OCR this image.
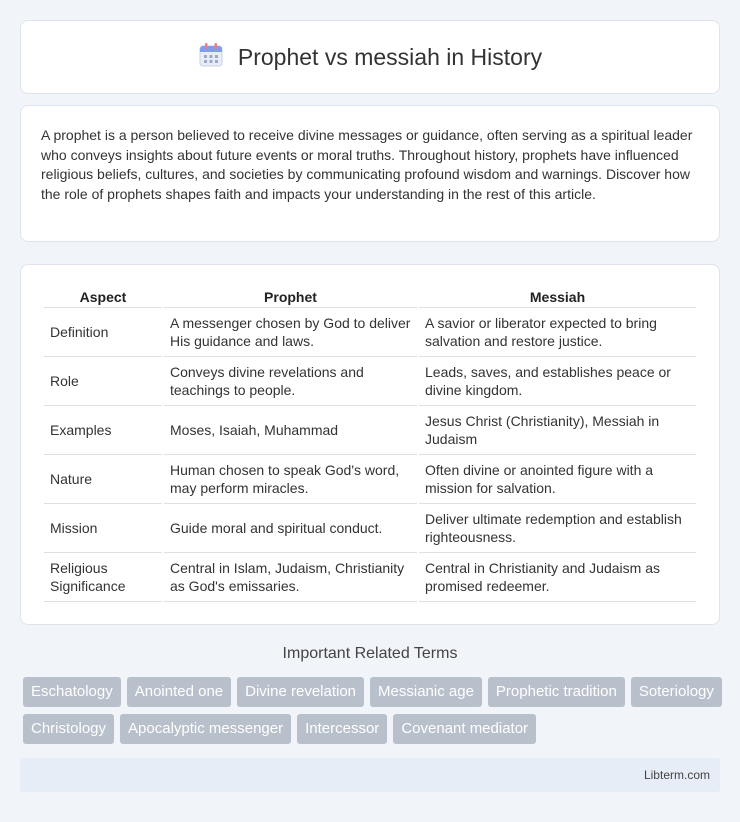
Prophet vs messiah in History

A prophet is a person believed to receive divine messages or guidance, often serving as a spiritual leader who conveys insights about future events or moral truths. Throughout history, prophets have influenced religious beliefs, cultures, and societies by communicating profound wisdom and warnings. Discover how the role of prophets shapes faith and impacts your understanding in the rest of this article.

Aspect	Prophet	Messiah
Definition	A messenger chosen by God to deliver His guidance and laws.	A savior or liberator expected to bring salvation and restore justice.
Role	Conveys divine revelations and teachings to people.	Leads, saves, and establishes peace or divine kingdom.
Examples	Moses, Isaiah, Muhammad	Jesus Christ (Christianity), Messiah in Judaism
Nature	Human chosen to speak God's word, may perform miracles.	Often divine or anointed figure with a mission for salvation.
Mission	Guide moral and spiritual conduct.	Deliver ultimate redemption and establish righteousness.
Religious Significance	Central in Islam, Judaism, Christianity as God's emissaries.	Central in Christianity and Judaism as promised redeemer.
Important Related Terms
Eschatology	Anointed one	Divine revelation	Messianic age	Prophetic tradition	Soteriology
Christology	Apocalyptic messenger	Intercessor	Covenant mediator
Libterm.com
